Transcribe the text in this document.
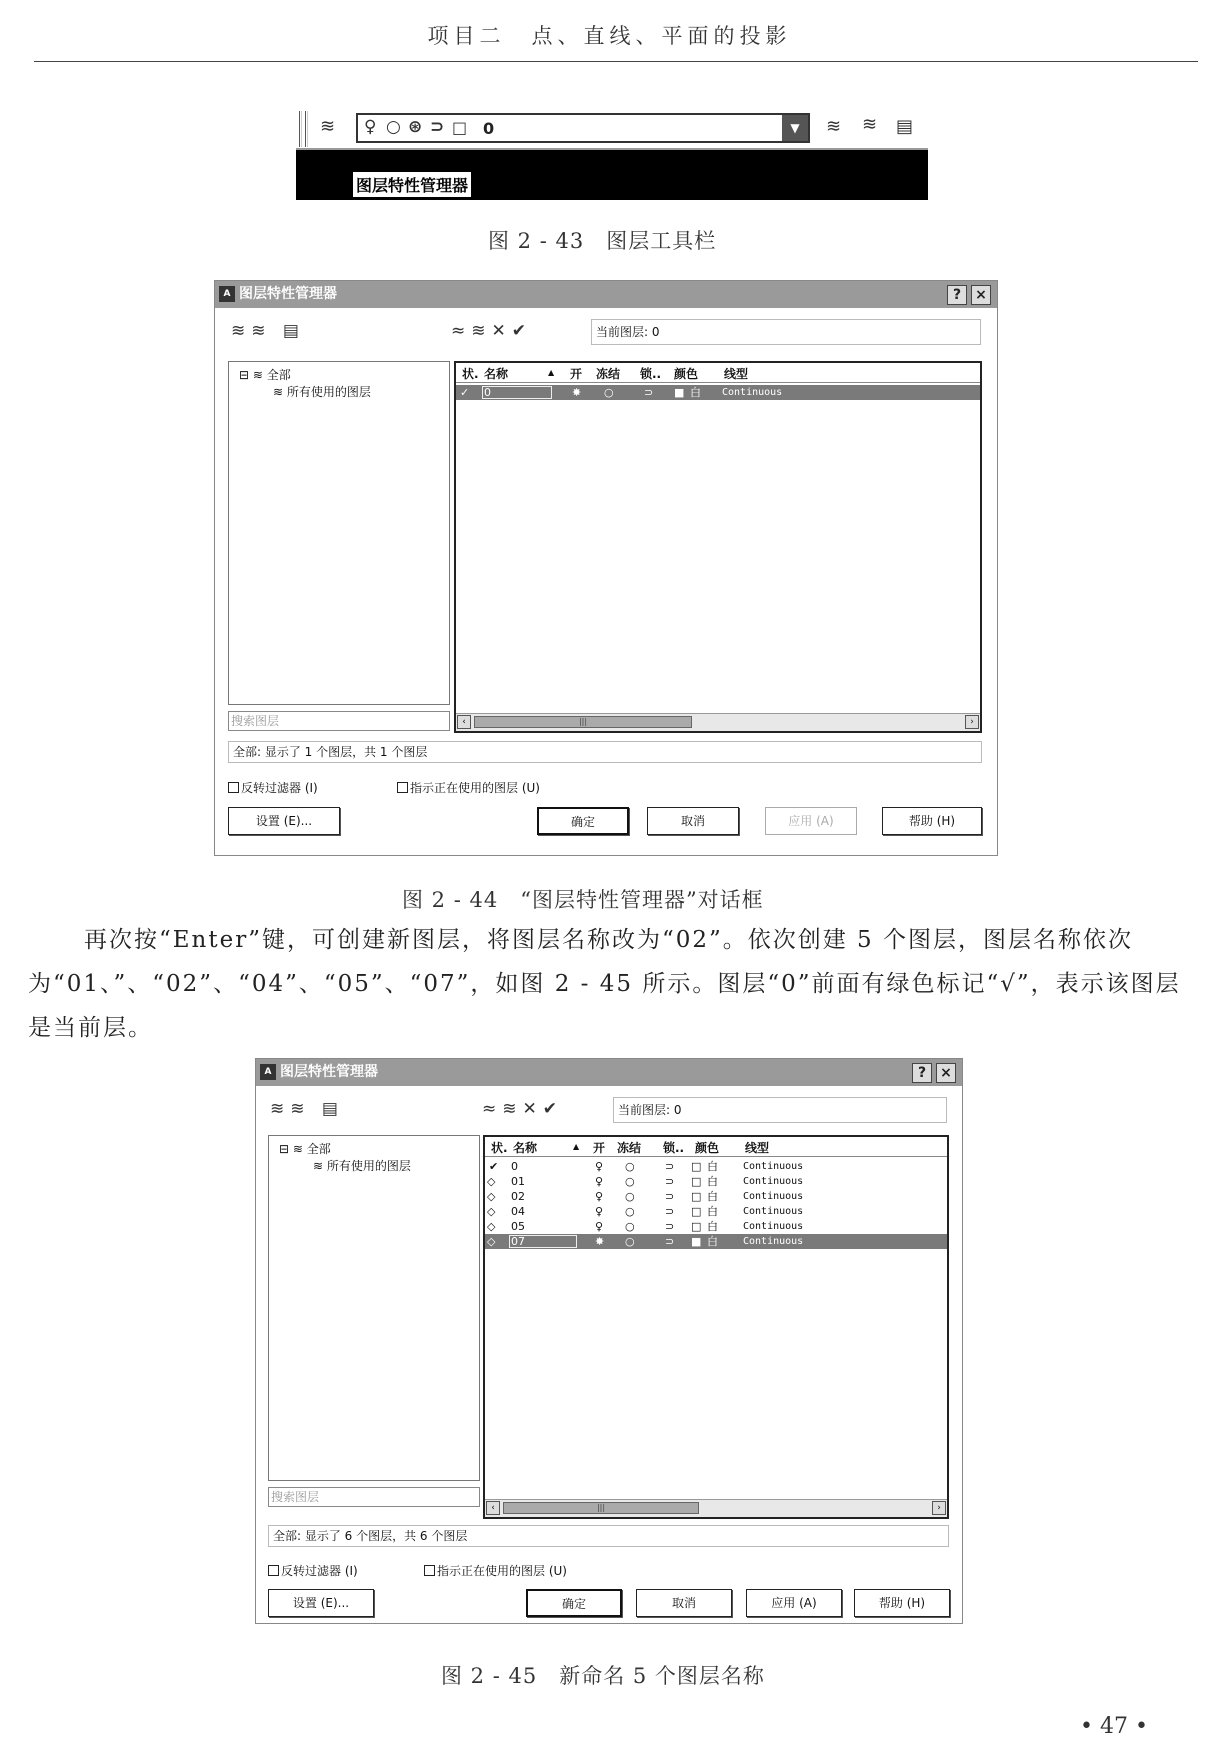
项目二　点、直线、平面的投影
≋ ♀ ○ ⊛ ⊃ □ 0	▼	≋ ≋ ▤
图层特性管理器
图 2 - 43　图层工具栏
A 图层特性管理器	?	×
≋≋ ▤	≈≋✕✔	当前图层: 0
⊟ ≋ 全部
≋ 所有使用的图层
搜索图层
状. 名称	▲ 开 冻结 锁.. 颜色 线型
✓ 0	✸ ○	⊃ ■ 白 Continuous
‹	|||	›
全部: 显示了 1 个图层，共 1 个图层
反转过滤器 (I)	指示正在使用的图层 (U)
设置 (E)...	确定	取消	应用 (A)	帮助 (H)
图 2 - 44　“图层特性管理器”对话框
再次按“Enter”键，可创建新图层，将图层名称改为“02”。依次创建 5 个图层，图层名称依次为“01、”、“02”、“04”、“05”、“07”，如图 2 - 45 所示。图层“0”前面有绿色标记“√”，表示该图层是当前层。
A 图层特性管理器	?	×
≋≋ ▤	≈≋✕✔	当前图层: 0
⊟ ≋ 全部
≋ 所有使用的图层
搜索图层
状. 名称	▲ 开 冻结 锁.. 颜色 线型
✔ 0	♀ ○	⊃ □ 白	Continuous
◇ 01	♀ ○	⊃ □ 白	Continuous
◇ 02	♀ ○	⊃ □ 白	Continuous
◇ 04	♀ ○	⊃ □ 白	Continuous
◇ 05	♀ ○	⊃ □ 白	Continuous
◇ 07	✸ ○	⊃ ■ 白	Continuous
‹	|||	›
全部: 显示了 6 个图层，共 6 个图层
反转过滤器 (I)	指示正在使用的图层 (U)
设置 (E)...	确定	取消	应用 (A)	帮助 (H)
图 2 - 45　新命名 5 个图层名称
• 47 •
